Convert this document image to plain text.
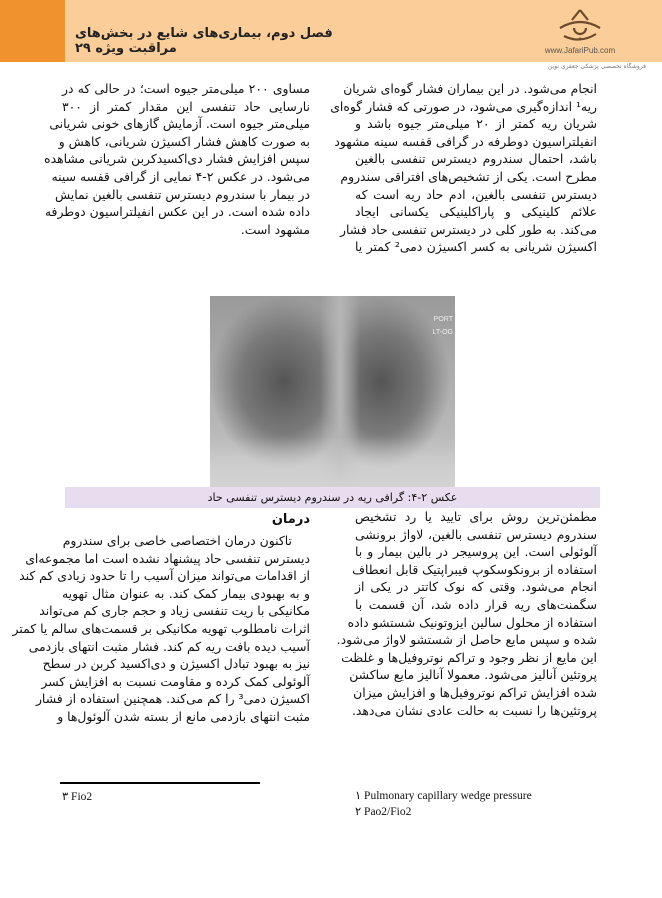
فصل دوم، بیماری‌های شایع در بخش‌های مراقبت ویژه ۲۹	www.JafariPub.com
فروشگاه تخصصی پزشکی جعفری نوین
انجام می‌شود. در این بیماران فشار گوه‌ای شریان
ریه¹ اندازه‌گیری می‌شود، در صورتی که فشار گوه‌ای
شریان ریه کمتر از ۲۰ میلی‌متر جیوه باشد و
انفیلتراسیون دوطرفه در گرافی قفسه سینه مشهود
باشد، احتمال سندروم دیسترس تنفسی بالغین
مطرح است. یکی از تشخیص‌های افتراقی سندروم
دیسترس تنفسی بالغین، ادم حاد ریه است که
علائم کلینیکی و پاراکلینیکی یکسانی ایجاد
می‌کند. به طور کلی در دیسترس تنفسی حاد فشار
اکسیژن شریانی به کسر اکسیژن دمی² کمتر یا
مساوی ۲۰۰ میلی‌متر جیوه است؛ در حالی که در
نارسایی حاد تنفسی این مقدار کمتر از ۳۰۰
میلی‌متر جیوه است. آزمایش گازهای خونی شریانی
به صورت کاهش فشار اکسیژن شریانی، کاهش و
سپس افزایش فشار دی‌اکسیدکربن شریانی مشاهده
می‌شود. در عکس ۲-۴ نمایی از گرافی قفسه سینه
در بیمار با سندروم دیسترس تنفسی بالغین نمایش
داده شده است. در این عکس انفیلتراسیون دوطرفه
مشهود است.
PORT
LT-OG
عکس ۲-۴: گرافی ریه در سندروم دیسترس تنفسی حاد
مطمئن‌ترین روش برای تایید یا رد تشخیص
سندروم دیسترس تنفسی بالغین، لاواژ برونشی
آلوئولی است. این پروسیجر در بالین بیمار و با
استفاده از برونکوسکوپ فیبراپتیک قابل انعطاف
انجام می‌شود. وقتی که نوک کاتتر در یکی از
سگمنت‌های ریه قرار داده شد، آن قسمت با
استفاده از محلول سالین ایزوتونیک شستشو داده
شده و سپس مایع حاصل از شستشو لاواژ می‌شود.
این مایع از نظر وجود و تراکم نوتروفیل‌ها و غلظت
پروتئین آنالیز می‌شود. معمولا آنالیز مایع ساکشن
شده افزایش تراکم نوتروفیل‌ها و افزایش میزان
پروتئین‌ها را نسبت به حالت عادی نشان می‌دهد.
درمان
تاکنون درمان اختصاصی خاصی برای سندروم
دیسترس تنفسی حاد پیشنهاد نشده است اما مجموعه‌ای
از اقدامات می‌تواند میزان آسیب را تا حدود زیادی کم کند
و به بهبودی بیمار کمک کند. به عنوان مثال تهویه
مکانیکی با ریت تنفسی زیاد و حجم جاری کم می‌تواند
اثرات نامطلوب تهویه مکانیکی بر قسمت‌های سالم یا کمتر
آسیب دیده بافت ریه کم کند. فشار مثبت انتهای بازدمی
نیز به بهبود تبادل اکسیژن و دی‌اکسید کربن در سطح
آلوئولی کمک کرده و مقاومت نسبت به افزایش کسر
اکسیژن دمی³ را کم می‌کند. همچنین استفاده از فشار
مثبت انتهای بازدمی مانع از بسته شدن آلوئول‌ها و
۳ Fio2	۱ Pulmonary capillary wedge pressure
۲ Pao2/Fio2
